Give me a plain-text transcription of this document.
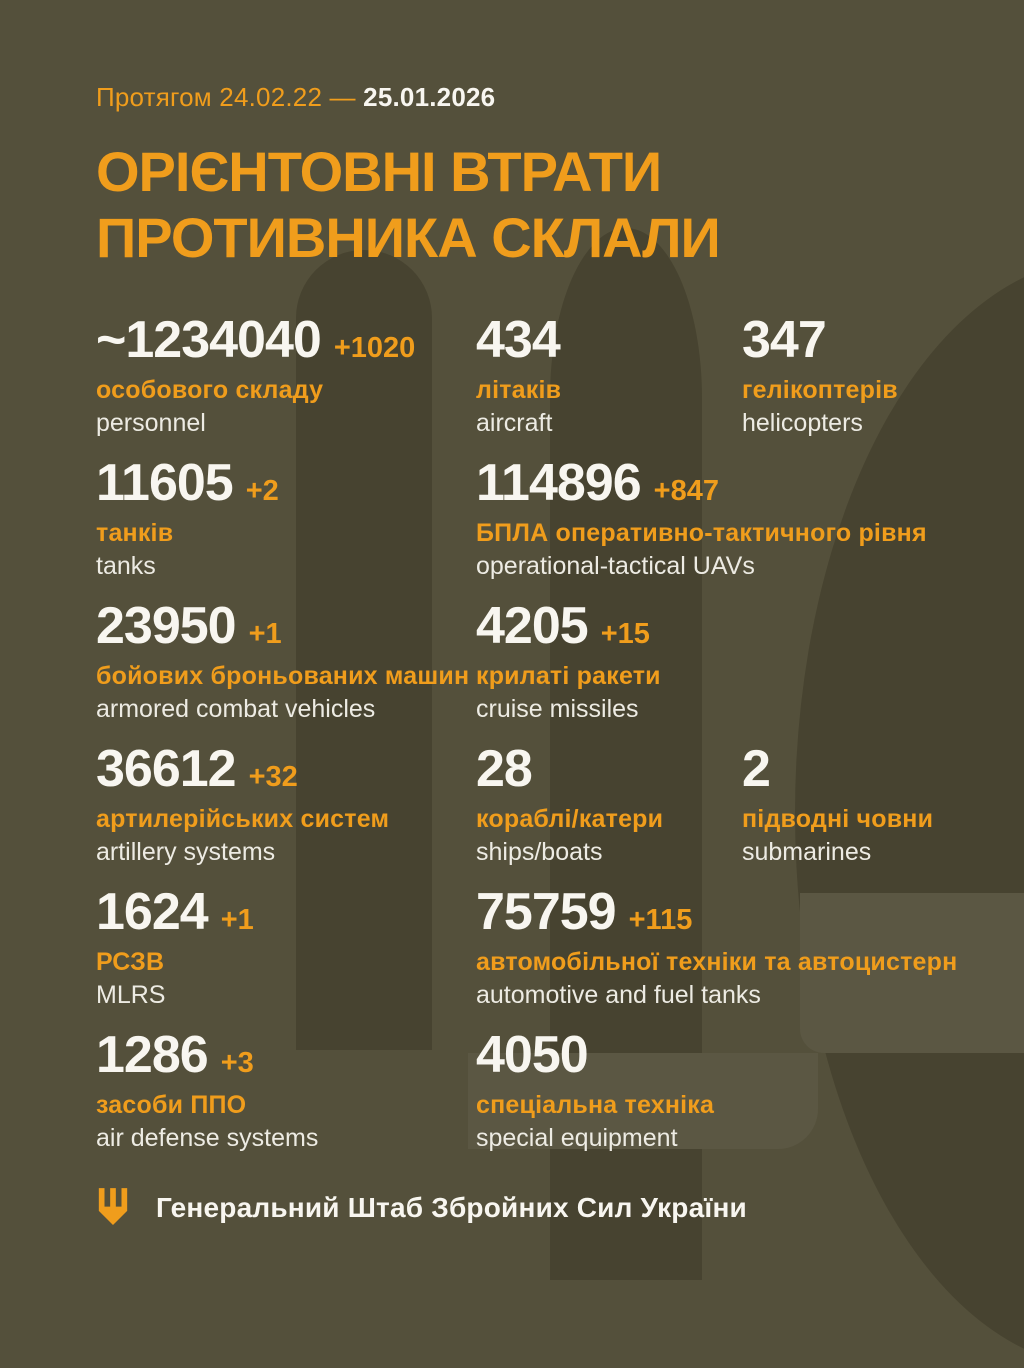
Протягом 24.02.22 — 25.01.2026
ОРІЄНТОВНІ ВТРАТИ
ПРОТИВНИКА СКЛАЛИ
~1234040 +1020
особового складу
personnel
434
літаків
aircraft
347
гелікоптерів
helicopters
11605 +2
танків
tanks
114896 +847
БПЛА оперативно-тактичного рівня
operational-tactical UAVs
23950 +1
бойових броньованих машин
armored combat vehicles
4205 +15
крилаті ракети
cruise missiles
36612 +32
артилерійських систем
artillery systems
28
кораблі/катери
ships/boats
2
підводні човни
submarines
1624 +1
РСЗВ
MLRS
75759 +115
автомобільної техніки та автоцистерн
automotive and fuel tanks
1286 +3
засоби ППО
air defense systems
4050
спеціальна техніка
special equipment
Генеральний Штаб Збройних Сил України
